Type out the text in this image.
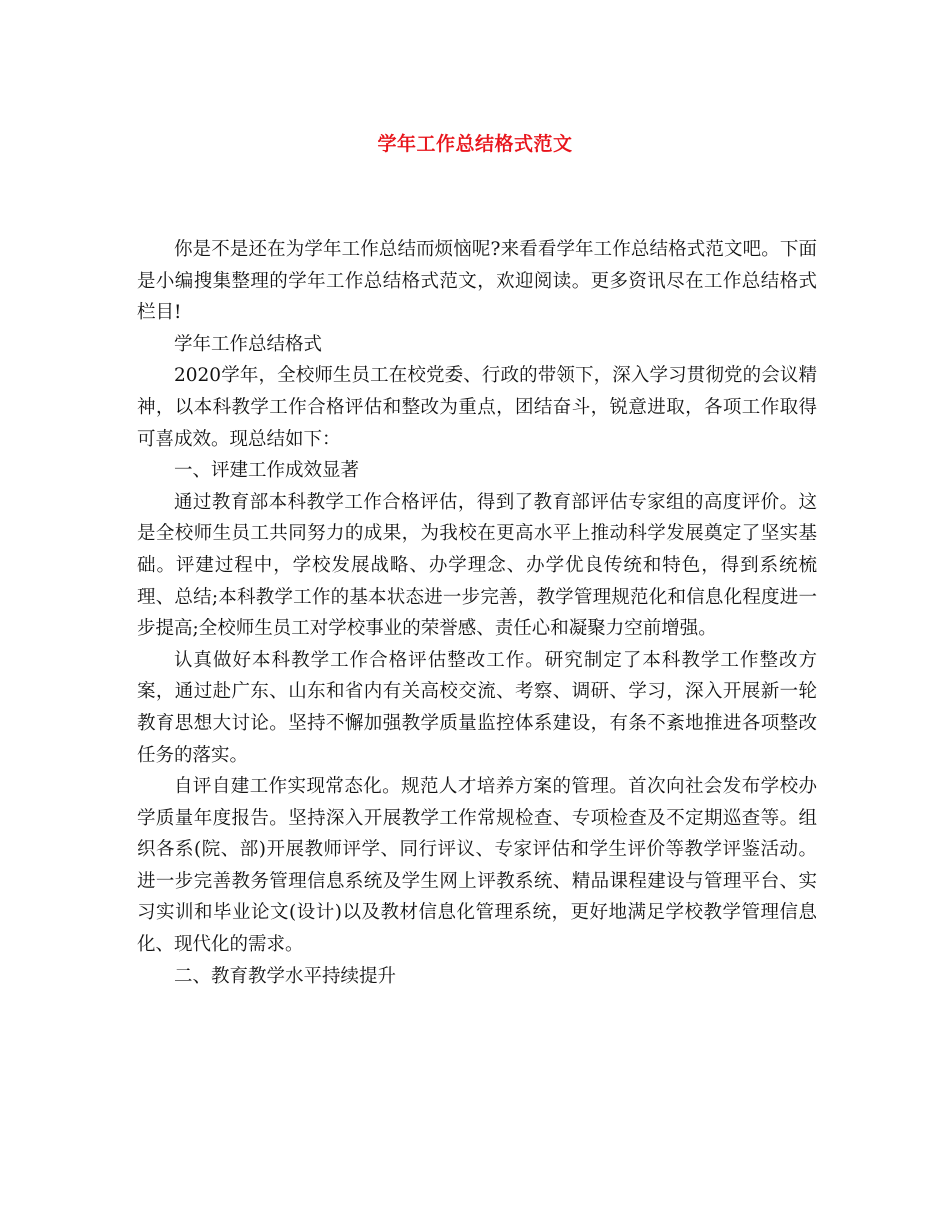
学年工作总结格式范文

你是不是还在为学年工作总结而烦恼呢?来看看学年工作总结格式范文吧。下面是小编搜集整理的学年工作总结格式范文，欢迎阅读。更多资讯尽在工作总结格式栏目!

学年工作总结格式

2020学年，全校师生员工在校党委、行政的带领下，深入学习贯彻党的会议精神，以本科教学工作合格评估和整改为重点，团结奋斗，锐意进取，各项工作取得可喜成效。现总结如下：

一、评建工作成效显著

通过教育部本科教学工作合格评估，得到了教育部评估专家组的高度评价。这是全校师生员工共同努力的成果，为我校在更高水平上推动科学发展奠定了坚实基础。评建过程中，学校发展战略、办学理念、办学优良传统和特色，得到系统梳理、总结;本科教学工作的基本状态进一步完善，教学管理规范化和信息化程度进一步提高;全校师生员工对学校事业的荣誉感、责任心和凝聚力空前增强。

认真做好本科教学工作合格评估整改工作。研究制定了本科教学工作整改方案，通过赴广东、山东和省内有关高校交流、考察、调研、学习，深入开展新一轮教育思想大讨论。坚持不懈加强教学质量监控体系建设，有条不紊地推进各项整改任务的落实。

自评自建工作实现常态化。规范人才培养方案的管理。首次向社会发布学校办学质量年度报告。坚持深入开展教学工作常规检查、专项检查及不定期巡查等。组织各系(院、部)开展教师评学、同行评议、专家评估和学生评价等教学评鉴活动。进一步完善教务管理信息系统及学生网上评教系统、精品课程建设与管理平台、实习实训和毕业论文(设计)以及教材信息化管理系统，更好地满足学校教学管理信息化、现代化的需求。

二、教育教学水平持续提升
